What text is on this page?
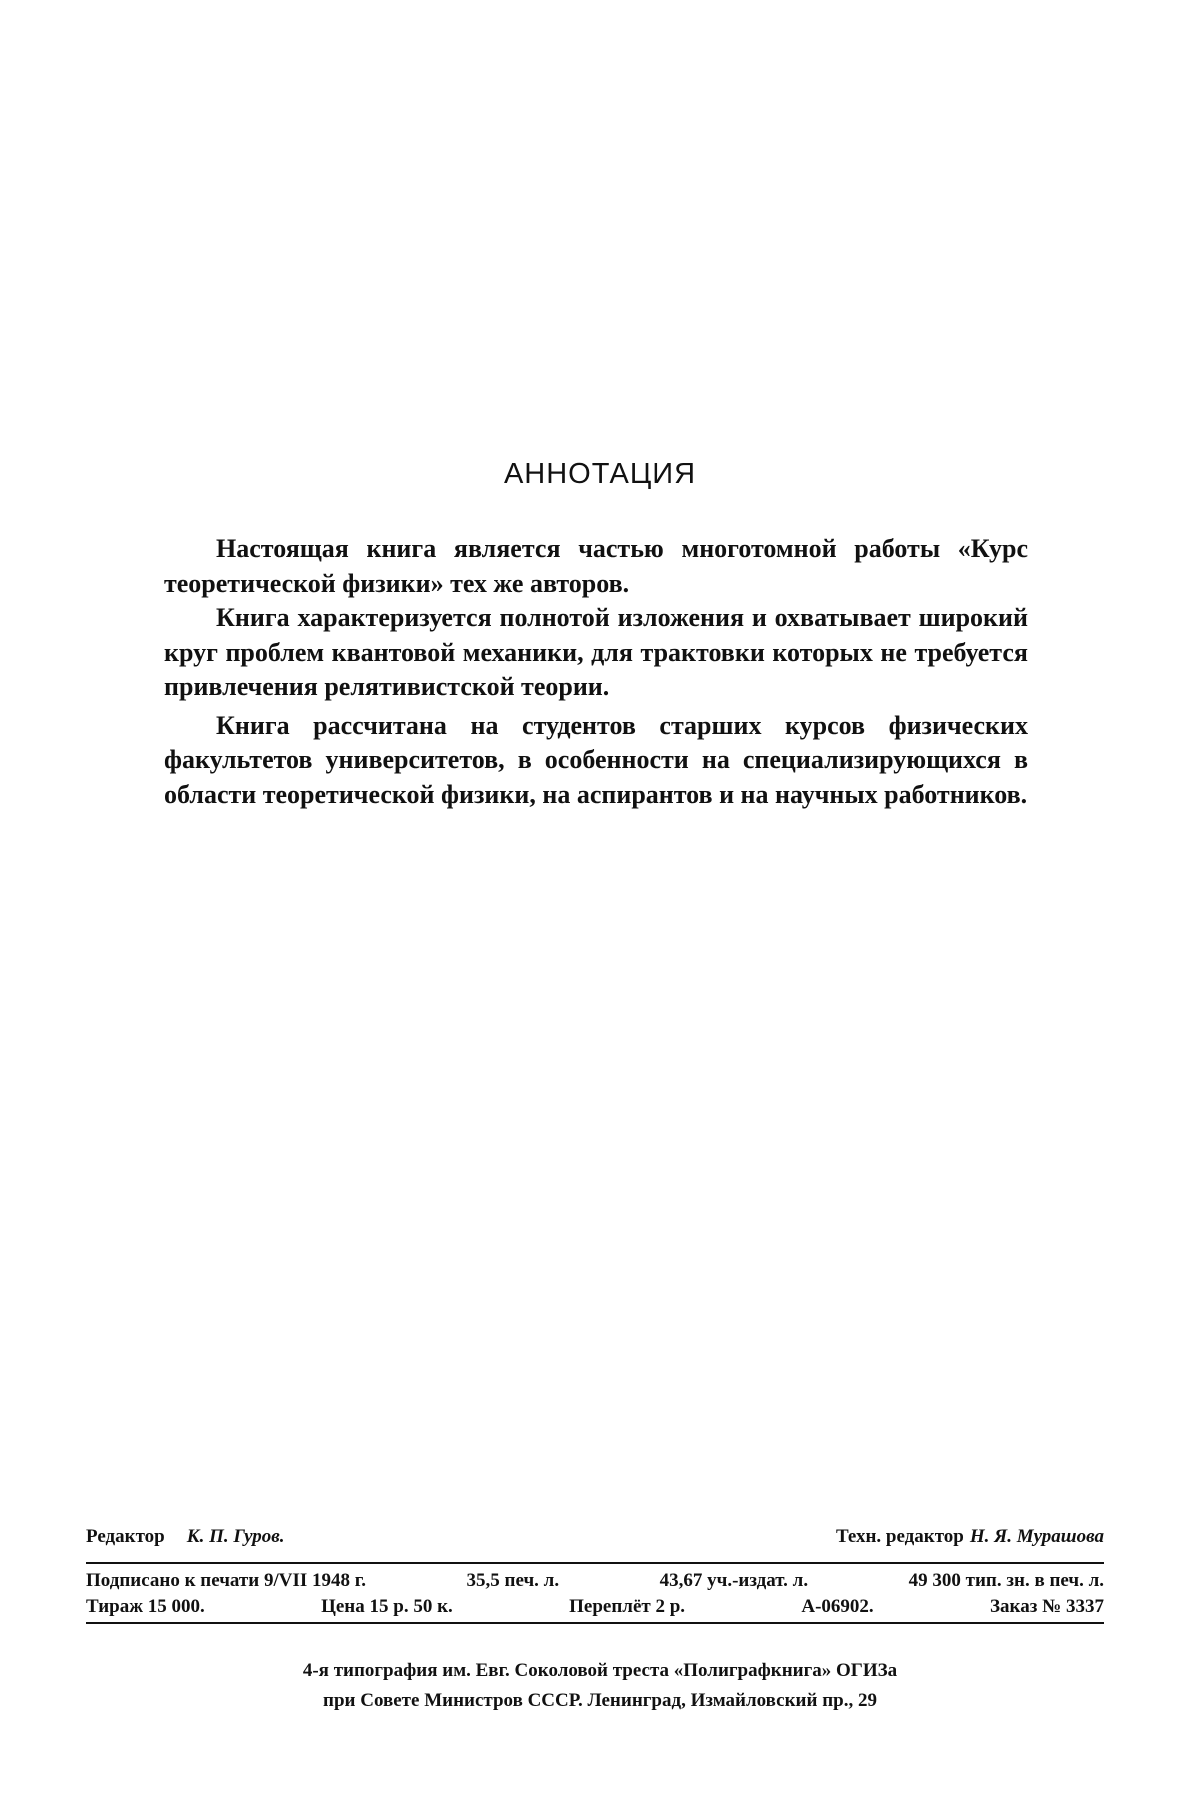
АННОТАЦИЯ

Настоящая книга является частью многотомной работы «Курс теоретической физики» тех же авторов.

Книга характеризуется полнотой изложения и охватывает широкий круг проблем квантовой механики, для трактовки которых не требуется привлечения релятивистской теории.

Книга рассчитана на студентов старших курсов физических факультетов университетов, в особенности на специализирующихся в области теоретической физики, на аспирантов и на научных работников.

Редактор К. П. Гуров.	Техн. редактор Н. Я. Мурашова
Подписано к печати 9/VII 1948 г.	35,5 печ. л.	43,67 уч.-издат. л.	49 300 тип. зн. в печ. л.
Тираж 15 000.	Цена 15 р. 50 к.	Переплёт 2 р.	А-06902.	Заказ № 3337
4-я типография им. Евг. Соколовой треста «Полиграфкнига» ОГИЗа
при Совете Министров СССР. Ленинград, Измайловский пр., 29
